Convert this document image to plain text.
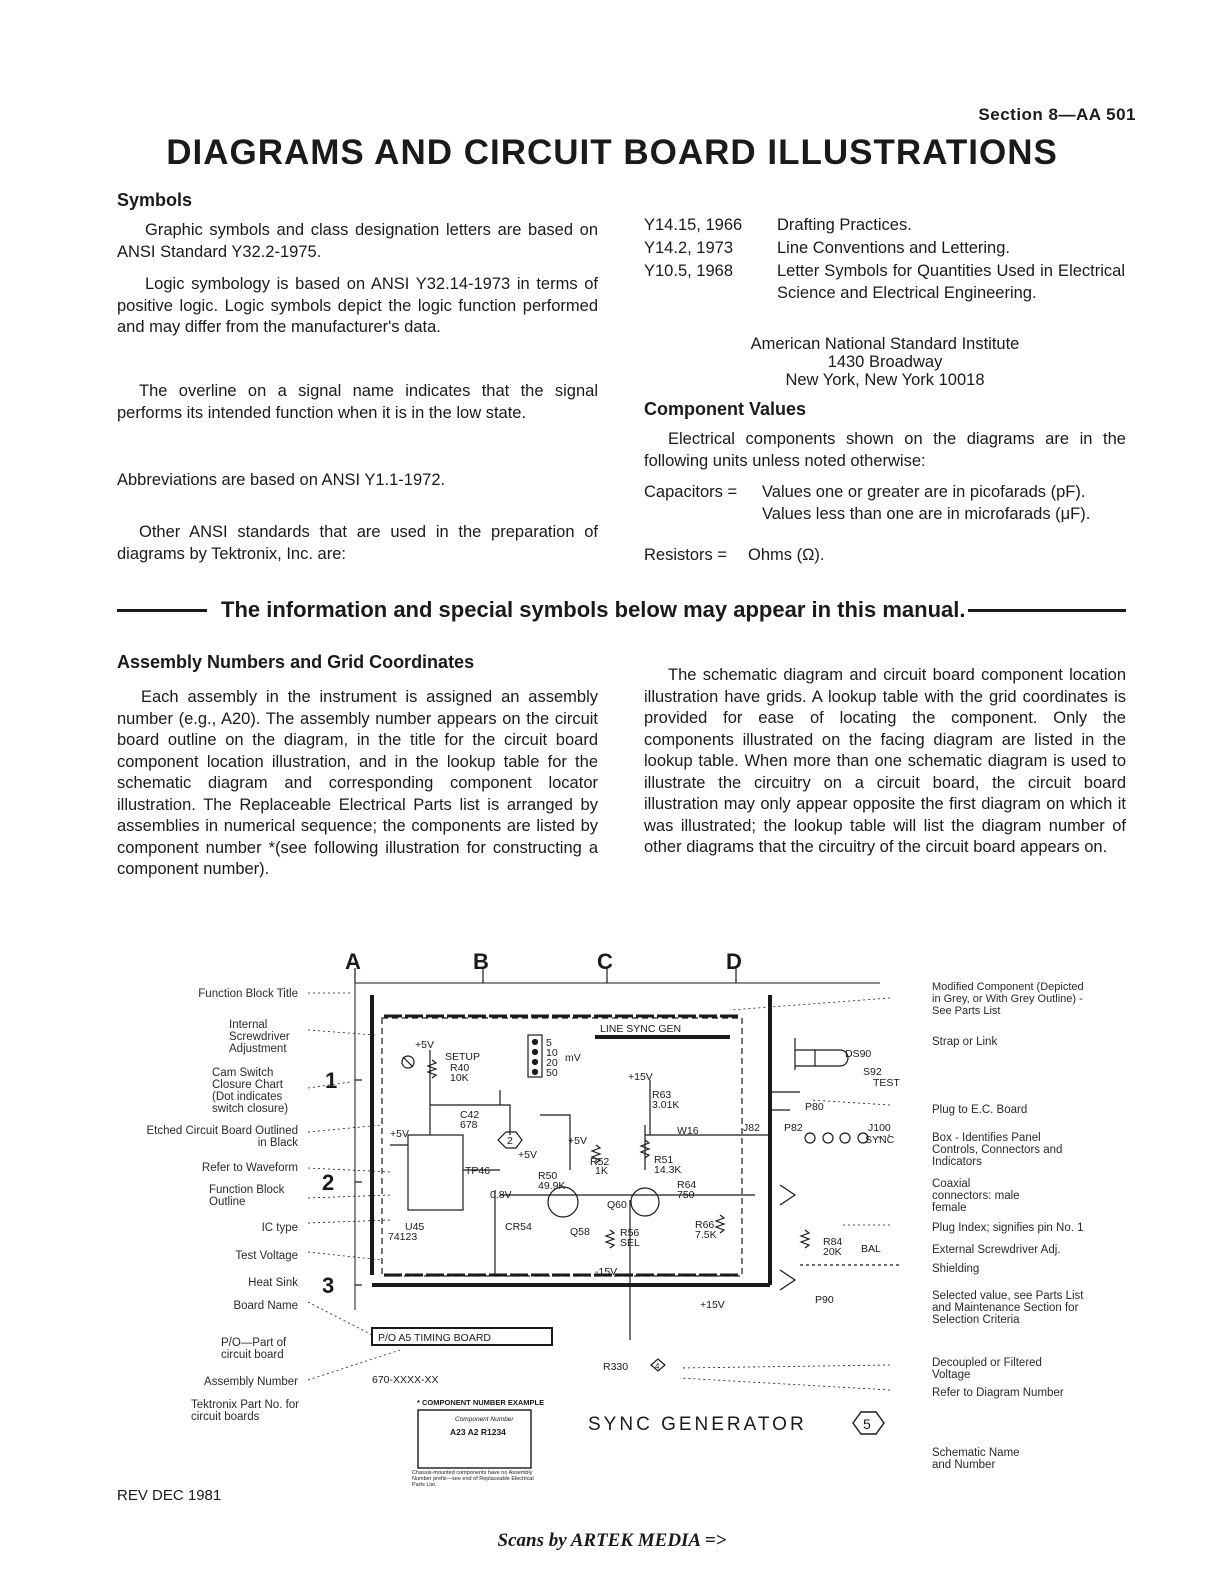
Section 8—AA 501
DIAGRAMS AND CIRCUIT BOARD ILLUSTRATIONS
Symbols
Graphic symbols and class designation letters are based on ANSI Standard Y32.2-1975.
Logic symbology is based on ANSI Y32.14-1973 in terms of positive logic. Logic symbols depict the logic function performed and may differ from the manufacturer's data.
The overline on a signal name indicates that the signal performs its intended function when it is in the low state.
Abbreviations are based on ANSI Y1.1-1972.
Other ANSI standards that are used in the preparation of diagrams by Tektronix, Inc. are:
Y14.15, 1966 Drafting Practices.
Y14.2, 1973	Line Conventions and Lettering.
Y10.5, 1968	Letter Symbols for Quantities Used in Electrical Science and Electrical Engineering.
American National Standard Institute
1430 Broadway
New York, New York 10018
Component Values
Electrical components shown on the diagrams are in the following units unless noted otherwise:
Capacitors = Values one or greater are in picofarads (pF). Values less than one are in microfarads (μF).
Resistors = Ohms (Ω).
The information and special symbols below may appear in this manual.
Assembly Numbers and Grid Coordinates
Each assembly in the instrument is assigned an assembly number (e.g., A20). The assembly number appears on the circuit board outline on the diagram, in the title for the circuit board component location illustration, and in the lookup table for the schematic diagram and corresponding component locator illustration. The Replaceable Electrical Parts list is arranged by assemblies in numerical sequence; the components are listed by component number *(see following illustration for constructing a component number).
The schematic diagram and circuit board component location illustration have grids. A lookup table with the grid coordinates is provided for ease of locating the component. Only the components illustrated on the facing diagram are listed in the lookup table. When more than one schematic diagram is used to illustrate the circuitry on a circuit board, the circuit board illustration may only appear opposite the first diagram on which it was illustrated; the lookup table will list the diagram number of other diagrams that the circuitry of the circuit board appears on.
Function Block Title
Internal Screwdriver Adjustment
Cam Switch Closure Chart (Dot indicates switch closure)
Etched Circuit Board Outlined in Black
Refer to Waveform
Function Block Outline
IC type
Test Voltage
Heat Sink
Board Name
P/O—Part of circuit board
Assembly Number
Tektronix Part No. for circuit boards
Modified Component (Depicted in Grey, or With Grey Outline) - See Parts List
Strap or Link
Plug to E.C. Board
Box - Identifies Panel Controls, Connectors and Indicators
Coaxial connectors: male female
Plug Index; signifies pin No. 1
External Screwdriver Adj.
Shielding
Selected value, see Parts List and Maintenance Section for Selection Criteria
Decoupled or Filtered Voltage
Refer to Diagram Number
Schematic Name and Number
A	B	C	D
1
2
3
LINE SYNC GEN
+5V
SETUP
R40
10K
5
10
20
50
mV
+15V
R63
3.01K
DS90
S92
TEST
P80
C42
678	W16	J82 P82	J100
SYNC
2	+5V
+5V
+5V
R52
1K
R51
14.3K
TP46	R50
49.9K	R64
750
0.8V
Q60
Q58
CR54	R56
SEL
R66
7.5K
U45
74123	R84
20K BAL
-15V
+15V	P90
P/O A5 TIMING BOARD
670-XXXX-XX
R330	4
SYNC GENERATOR	5
* COMPONENT NUMBER EXAMPLE
Component Number
A23 A2 R1234
Chassis-mounted components have no Assembly Number prefix—see end of Replaceable Electrical Parts List.
REV DEC 1981
Scans by ARTEK MEDIA =>
